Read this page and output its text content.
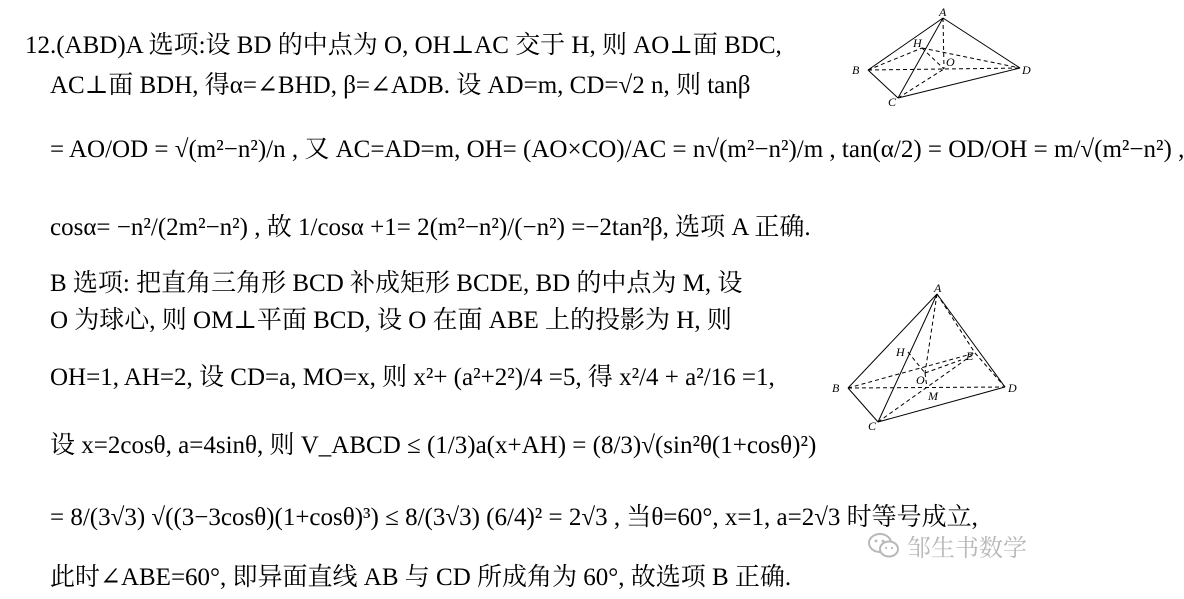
12.(ABD)A 选项:设 BD 的中点为 O, OH⊥AC 交于 H, 则 AO⊥面 BDC,
AC⊥面 BDH, 得α=∠BHD, β=∠ADB. 设 AD=m, CD=√2 n, 则 tanβ
= AO/OD = √(m²−n²)/n , 又 AC=AD=m, OH= (AO×CO)/AC = n√(m²−n²)/m , tan(α/2) = OD/OH = m/√(m²−n²) ,
cosα= −n²/(2m²−n²) , 故 1/cosα +1= 2(m²−n²)/(−n²) =−2tan²β, 选项 A 正确.
B 选项: 把直角三角形 BCD 补成矩形 BCDE, BD 的中点为 M, 设
O 为球心, 则 OM⊥平面 BCD, 设 O 在面 ABE 上的投影为 H, 则
OH=1, AH=2, 设 CD=a, MO=x, 则 x²+ (a²+2²)/4 =5, 得 x²/4 + a²/16 =1,
设 x=2cosθ, a=4sinθ, 则 V_ABCD ≤ (1/3)a(x+AH) = (8/3)√(sin²θ(1+cosθ)²)
= 8/(3√3) √((3−3cosθ)(1+cosθ)³) ≤ 8/(3√3) (6/4)² = 2√3 , 当θ=60°, x=1, a=2√3 时等号成立,
此时∠ABE=60°, 即异面直线 AB 与 CD 所成角为 60°, 故选项 B 正确.
A
H
O
B
C
D
A
H	E
O
M
B
C
D
邹生书数学
